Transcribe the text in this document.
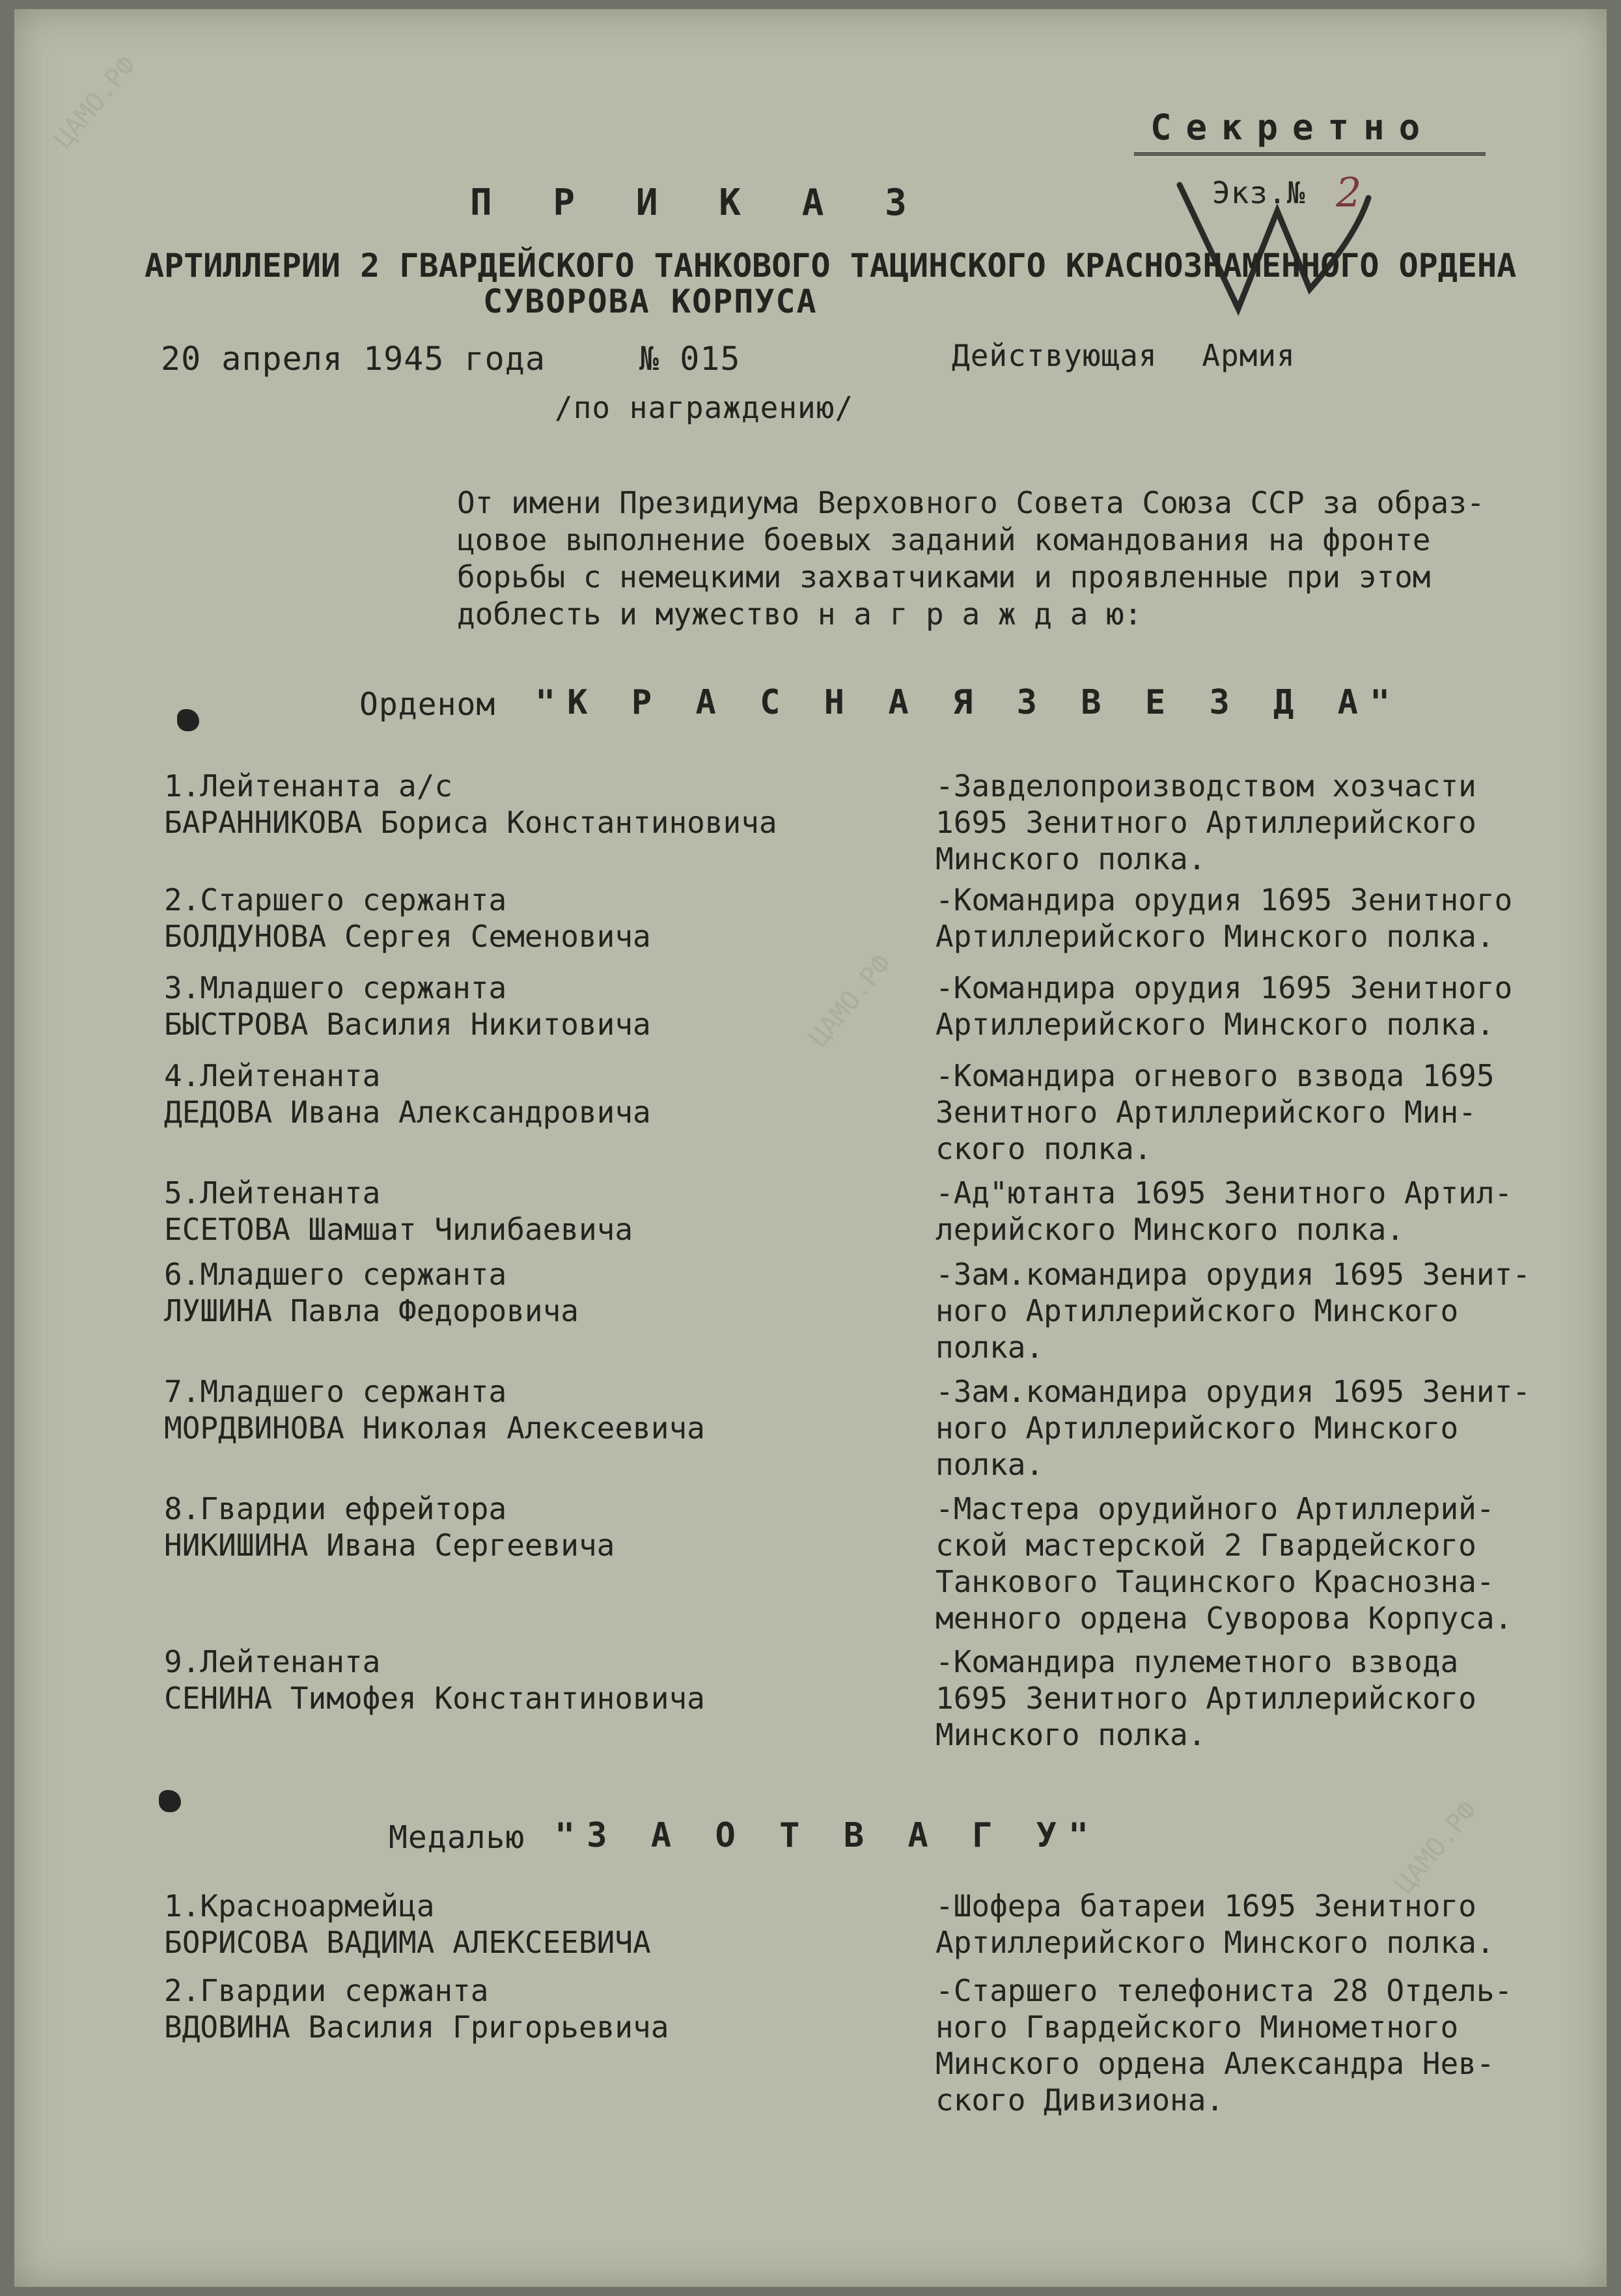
ЦАМО.РФ
ЦАМО.РФ
ЦАМО.РФ
Секретно
Экз.№ 2
П Р И К А З
АРТИЛЛЕРИИ 2 ГВАРДЕЙСКОГО ТАНКОВОГО ТАЦИНСКОГО КРАСНОЗНАМЕННОГО ОРДЕНА
СУВОРОВА КОРПУСА
20 апреля 1945 года	№ 015	Действующая Армия
/по награждению/
От имени Президиума Верховного Совета Союза ССР за образ-
цовое выполнение боевых заданий командования на фронте
борьбы с немецкими захватчиками и проявленные при этом
доблесть и мужество н а г р а ж д а ю:
Орденом "К Р А С Н А Я З В Е З Д А"
1.Лейтенанта а/с
БАРАННИКОВА Бориса Константиновича
-Завделопроизводством хозчасти
1695 Зенитного Артиллерийского
Минского полка.
2.Старшего сержанта
БОЛДУНОВА Сергея Семеновича
-Командира орудия 1695 Зенитного
Артиллерийского Минского полка.
3.Младшего сержанта
БЫСТРОВА Василия Никитовича
-Командира орудия 1695 Зенитного
Артиллерийского Минского полка.
4.Лейтенанта
ДЕДОВА Ивана Александровича
-Командира огневого взвода 1695
Зенитного Артиллерийского Мин-
ского полка.
5.Лейтенанта
ЕСЕТОВА Шамшат Чилибаевича
-Ад"ютанта 1695 Зенитного Артил-
лерийского Минского полка.
6.Младшего сержанта
ЛУШИНА Павла Федоровича
-Зам.командира орудия 1695 Зенит-
ного Артиллерийского Минского
полка.
7.Младшего сержанта
МОРДВИНОВА Николая Алексеевича
-Зам.командира орудия 1695 Зенит-
ного Артиллерийского Минского
полка.
8.Гвардии ефрейтора
НИКИШИНА Ивана Сергеевича
-Мастера орудийного Артиллерий-
ской мастерской 2 Гвардейского
Танкового Тацинского Краснозна-
менного ордена Суворова Корпуса.
9.Лейтенанта
СЕНИНА Тимофея Константиновича
-Командира пулеметного взвода
1695 Зенитного Артиллерийского
Минского полка.
Медалью "З А О Т В А Г У"
1.Красноармейца
БОРИСОВА ВАДИМА АЛЕКСЕЕВИЧА
-Шофера батареи 1695 Зенитного
Артиллерийского Минского полка.
2.Гвардии сержанта
ВДОВИНА Василия Григорьевича
-Старшего телефониста 28 Отдель-
ного Гвардейского Минометного
Минского ордена Александра Нев-
ского Дивизиона.
